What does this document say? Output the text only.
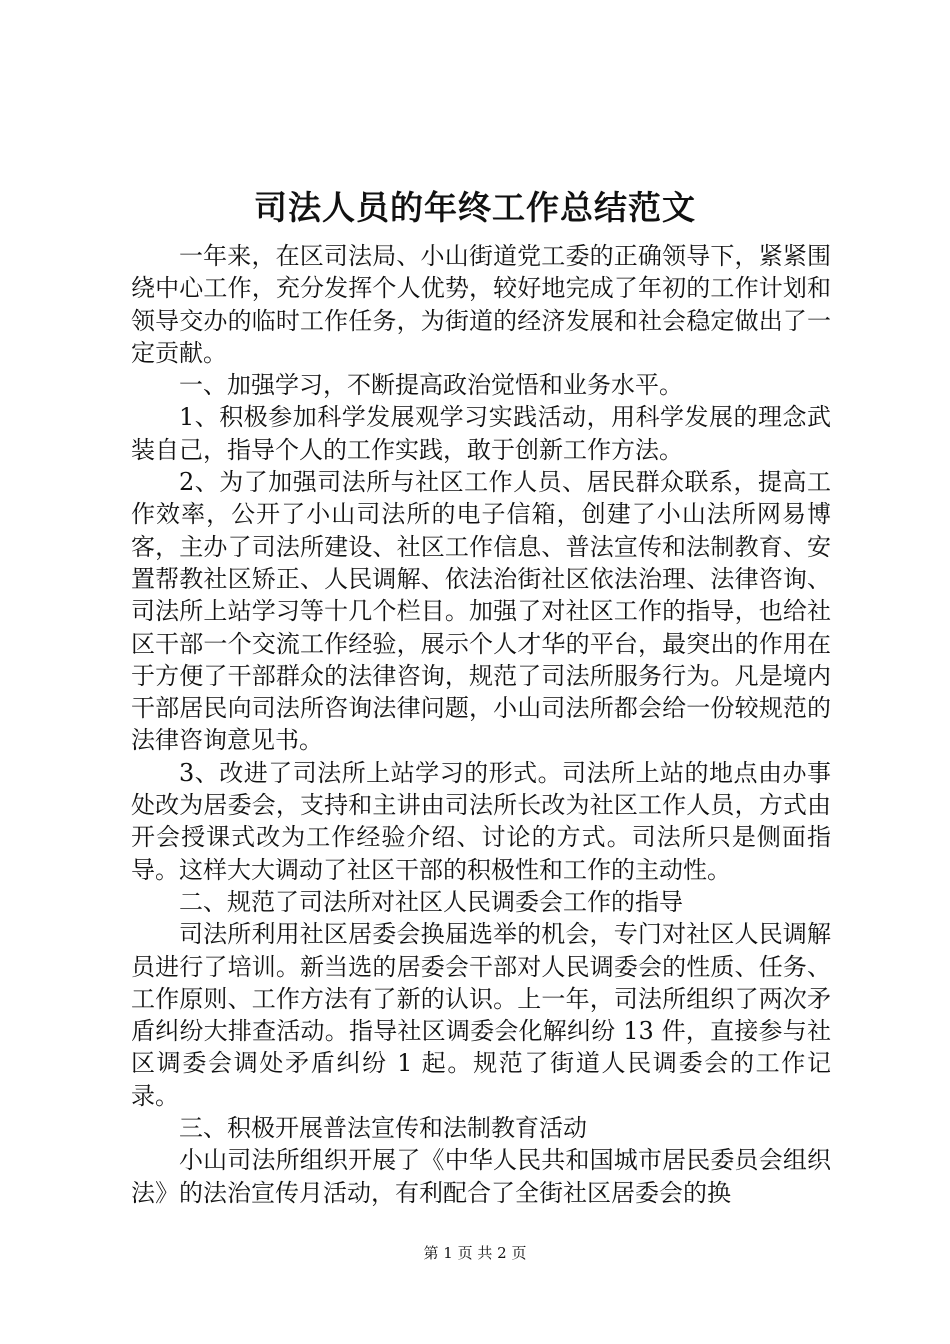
司法人员的年终工作总结范文

一年来，在区司法局、小山街道党工委的正确领导下，紧紧围绕中心工作，充分发挥个人优势，较好地完成了年初的工作计划和领导交办的临时工作任务，为街道的经济发展和社会稳定做出了一定贡献。

一、加强学习，不断提高政治觉悟和业务水平。

1、积极参加科学发展观学习实践活动，用科学发展的理念武装自己，指导个人的工作实践，敢于创新工作方法。

2、为了加强司法所与社区工作人员、居民群众联系，提高工作效率，公开了小山司法所的电子信箱，创建了小山法所网易博客，主办了司法所建设、社区工作信息、普法宣传和法制教育、安置帮教社区矫正、人民调解、依法治街社区依法治理、法律咨询、司法所上站学习等十几个栏目。加强了对社区工作的指导，也给社区干部一个交流工作经验，展示个人才华的平台，最突出的作用在于方便了干部群众的法律咨询，规范了司法所服务行为。凡是境内干部居民向司法所咨询法律问题，小山司法所都会给一份较规范的法律咨询意见书。

3、改进了司法所上站学习的形式。司法所上站的地点由办事处改为居委会，支持和主讲由司法所长改为社区工作人员，方式由开会授课式改为工作经验介绍、讨论的方式。司法所只是侧面指导。这样大大调动了社区干部的积极性和工作的主动性。

二、规范了司法所对社区人民调委会工作的指导

司法所利用社区居委会换届选举的机会，专门对社区人民调解员进行了培训。新当选的居委会干部对人民调委会的性质、任务、工作原则、工作方法有了新的认识。上一年，司法所组织了两次矛盾纠纷大排查活动。指导社区调委会化解纠纷 13 件，直接参与社区调委会调处矛盾纠纷 1 起。规范了街道人民调委会的工作记录。

三、积极开展普法宣传和法制教育活动

小山司法所组织开展了《中华人民共和国城市居民委员会组织法》的法治宣传月活动，有利配合了全街社区居委会的换

第 1 页 共 2 页
